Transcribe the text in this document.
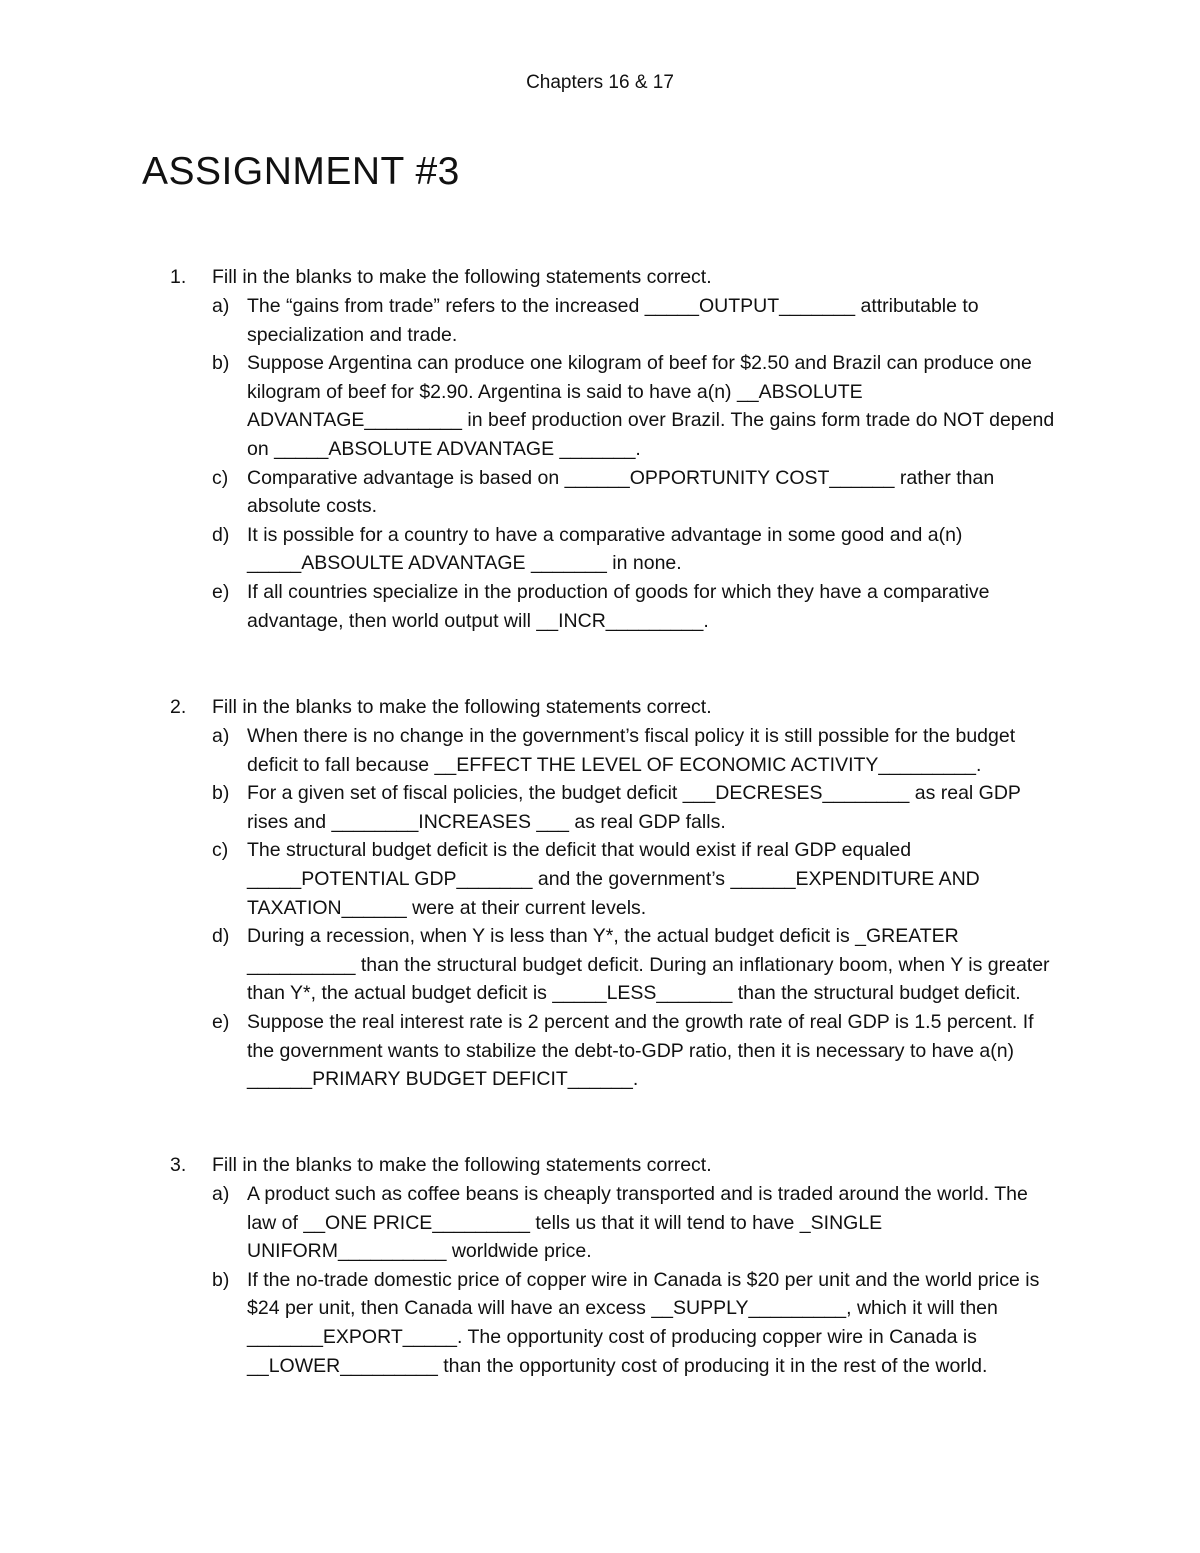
Chapters 16 & 17
ASSIGNMENT #3
1. Fill in the blanks to make the following statements correct.
a) The “gains from trade” refers to the increased _____OUTPUT_______ attributable to specialization and trade.
b) Suppose Argentina can produce one kilogram of beef for $2.50 and Brazil can produce one kilogram of beef for $2.90. Argentina is said to have a(n) __ABSOLUTE ADVANTAGE_________ in beef production over Brazil. The gains form trade do NOT depend on _____ABSOLUTE ADVANTAGE _______.
c) Comparative advantage is based on ______OPPORTUNITY COST______ rather than absolute costs.
d) It is possible for a country to have a comparative advantage in some good and a(n) _____ABSOULTE ADVANTAGE _______ in none.
e) If all countries specialize in the production of goods for which they have a comparative advantage, then world output will __INCR_________.
2. Fill in the blanks to make the following statements correct.
a) When there is no change in the government’s fiscal policy it is still possible for the budget deficit to fall because __EFFECT THE LEVEL OF ECONOMIC ACTIVITY_________.
b) For a given set of fiscal policies, the budget deficit ___DECRESES________ as real GDP rises and ________INCREASES ___ as real GDP falls.
c) The structural budget deficit is the deficit that would exist if real GDP equaled _____POTENTIAL GDP_______ and the government’s ______EXPENDITURE AND TAXATION______ were at their current levels.
d) During a recession, when Y is less than Y*, the actual budget deficit is _GREATER __________ than the structural budget deficit. During an inflationary boom, when Y is greater than Y*, the actual budget deficit is _____LESS_______ than the structural budget deficit.
e) Suppose the real interest rate is 2 percent and the growth rate of real GDP is 1.5 percent. If the government wants to stabilize the debt-to-GDP ratio, then it is necessary to have a(n) ______PRIMARY BUDGET DEFICIT______.
3. Fill in the blanks to make the following statements correct.
a) A product such as coffee beans is cheaply transported and is traded around the world. The law of __ONE PRICE_________ tells us that it will tend to have _SINGLE UNIFORM__________ worldwide price.
b) If the no-trade domestic price of copper wire in Canada is $20 per unit and the world price is $24 per unit, then Canada will have an excess __SUPPLY_________, which it will then _______EXPORT_____. The opportunity cost of producing copper wire in Canada is __LOWER_________ than the opportunity cost of producing it in the rest of the world.
